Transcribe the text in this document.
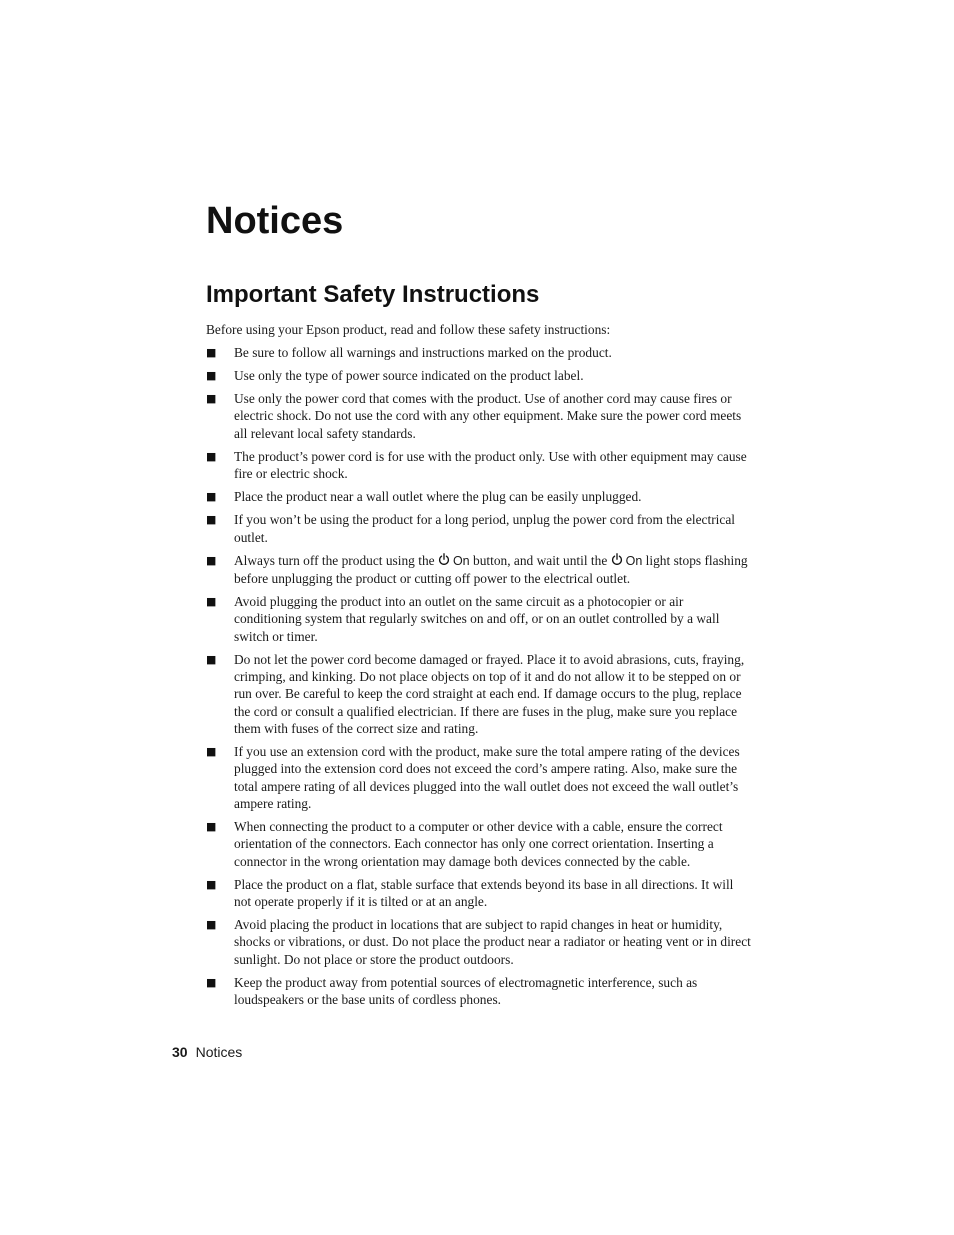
Notices
Important Safety Instructions

Before using your Epson product, read and follow these safety instructions:

■	Be sure to follow all warnings and instructions marked on the product.
■	Use only the type of power source indicated on the product label.
■	Use only the power cord that comes with the product. Use of another cord may cause fires or electric shock. Do not use the cord with any other equipment. Make sure the power cord meets all relevant local safety standards.
■	The product’s power cord is for use with the product only. Use with other equipment may cause fire or electric shock.
■	Place the product near a wall outlet where the plug can be easily unplugged.
■	If you won’t be using the product for a long period, unplug the power cord from the electrical outlet.
■	Always turn off the product using the On button, and wait until the On light stops flashing before unplugging the product or cutting off power to the electrical outlet.
■	Avoid plugging the product into an outlet on the same circuit as a photocopier or air conditioning system that regularly switches on and off, or on an outlet controlled by a wall switch or timer.
■	Do not let the power cord become damaged or frayed. Place it to avoid abrasions, cuts, fraying, crimping, and kinking. Do not place objects on top of it and do not allow it to be stepped on or run over. Be careful to keep the cord straight at each end. If damage occurs to the plug, replace the cord or consult a qualified electrician. If there are fuses in the plug, make sure you replace them with fuses of the correct size and rating.
■	If you use an extension cord with the product, make sure the total ampere rating of the devices plugged into the extension cord does not exceed the cord’s ampere rating. Also, make sure the total ampere rating of all devices plugged into the wall outlet does not exceed the wall outlet’s ampere rating.
■	When connecting the product to a computer or other device with a cable, ensure the correct orientation of the connectors. Each connector has only one correct orientation. Inserting a connector in the wrong orientation may damage both devices connected by the cable.
■	Place the product on a flat, stable surface that extends beyond its base in all directions. It will not operate properly if it is tilted or at an angle.
■	Avoid placing the product in locations that are subject to rapid changes in heat or humidity, shocks or vibrations, or dust. Do not place the product near a radiator or heating vent or in direct sunlight. Do not place or store the product outdoors.
■	Keep the product away from potential sources of electromagnetic interference, such as loudspeakers or the base units of cordless phones.
30 Notices
